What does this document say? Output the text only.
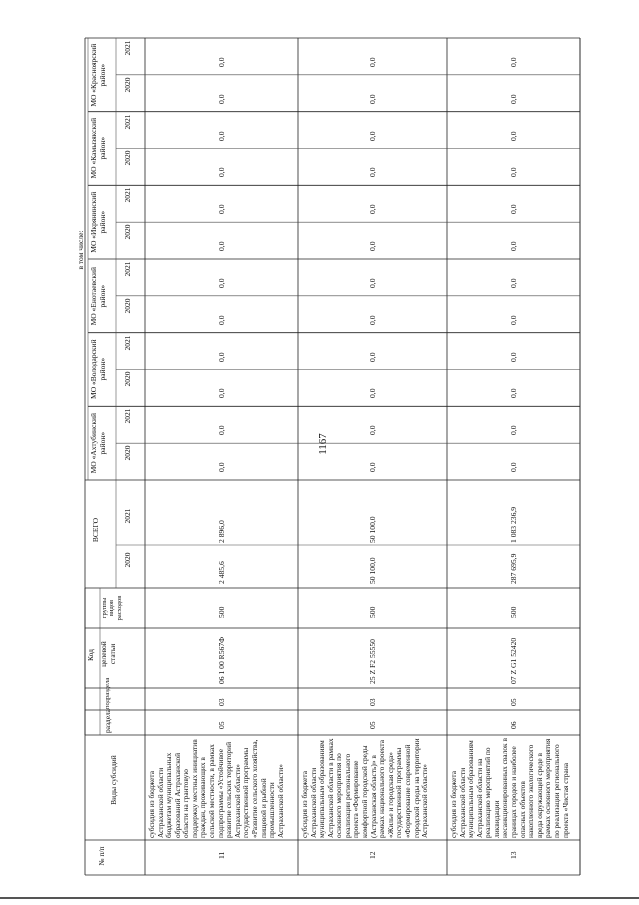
№ п/п
Виды субсидий
Код
раздела
подраздела
целевой статьи
группы видов расходов
ВСЕГО
2020
2021
в том числе:
МО «Ахтубинский район» 2020
2021
МО «Володарский район» 2020
2021
МО «Енотаевский район» 2020
2021
МО «Икрянинский район» 2020
2021
МО «Камызякский район» 2020
2021
МО «Красноярский район» 2020
2021
11
субсидия из бюджета Астраханской области бюджетам муниципальных образований Астраханской области на грантовую поддержку местных инициатив граждан, проживающих в сельской местности, в рамках подпрограммы «Устойчивое развитие сельских территорий Астраханской области» государственной программы «Развитие сельского хозяйства, пищевой и рыбной промышленности Астраханской области»
05
03
06 1 00 R567Ф
500
2 485,6
2 896,0
0,0
0,0
0,0
0,0
0,0
0,0
0,0
0,0
0,0
0,0
0,0
0,0
12
субсидия из бюджета Астраханской области муниципальным образованиям Астраханской области в рамках основного мероприятия по реализации регионального проекта «Формирование комфортной городской среды (Астраханская область)» в рамках национального проекта «Жилье и городская среда» государственной программы «Формирование современной городской среды на территории Астраханской области»
05
03
25 Z F2 55550
500
50 100,0
50 100,0
0,0
0,0
0,0
0,0
0,0
0,0
0,0
0,0
0,0
0,0
0,0
0,0
13
субсидия из бюджета Астраханской области муниципальным образованиям Астраханской области на реализацию мероприятий по ликвидации несанкционированных свалок в границах городов и наиболее опасных объектов накопленного экологического вреда окружающей среде в рамках основного мероприятия по реализации регионального проекта «Чистая страна
06
05
07 Z G1 52420
500
287 695,9
1 083 236,9
0,0
0,0
0,0
0,0
0,0
0,0
0,0
0,0
0,0
0,0
0,0
0,0
1167
